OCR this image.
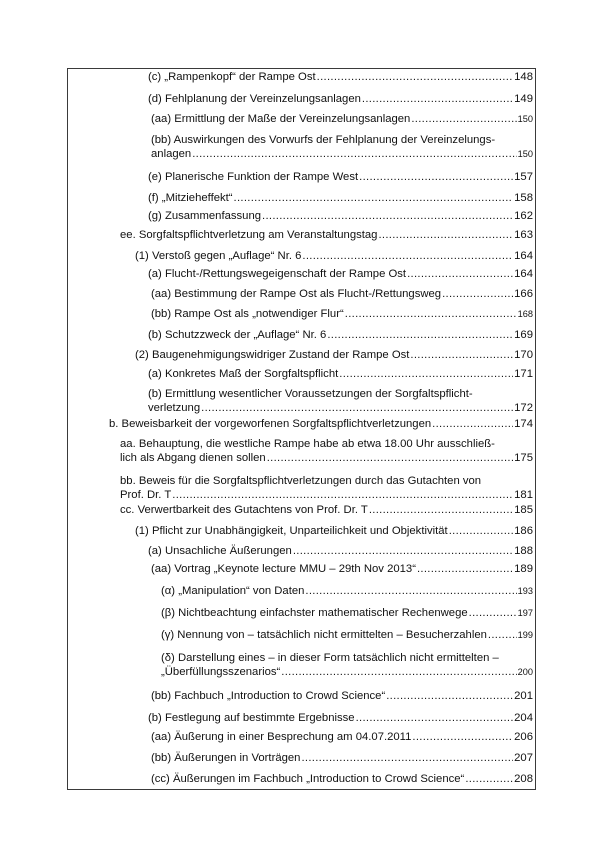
(c) „Rampenkopf“ der Rampe Ost .....	148
(d) Fehlplanung der Vereinzelungsanlagen .....	149
(aa) Ermittlung der Maße der Vereinzelungsanlagen .....	150
(bb) Auswirkungen des Vorwurfs der Fehlplanung der Vereinzelungs-
anlagen .....	150
(e) Planerische Funktion der Rampe West .....	157
(f) „Mitzieheffekt“ .....	158
(g) Zusammenfassung .....	162
ee. Sorgfaltspflichtverletzung am Veranstaltungstag .....	163
(1) Verstoß gegen „Auflage“ Nr. 6 .....	164
(a) Flucht-/Rettungswegeigenschaft der Rampe Ost .....	164
(aa) Bestimmung der Rampe Ost als Flucht-/Rettungsweg .....	166
(bb) Rampe Ost als „notwendiger Flur“ .....	168
(b) Schutzzweck der „Auflage“ Nr. 6 .....	169
(2) Baugenehmigungswidriger Zustand der Rampe Ost .....	170
(a) Konkretes Maß der Sorgfaltspflicht .....	171
(b) Ermittlung wesentlicher Voraussetzungen der Sorgfaltspflicht-
verletzung .....	172
b. Beweisbarkeit der vorgeworfenen Sorgfaltspflichtverletzungen .....	174
aa. Behauptung, die westliche Rampe habe ab etwa 18.00 Uhr ausschließ-
lich als Abgang dienen sollen .....	175
bb. Beweis für die Sorgfaltspflichtverletzungen durch das Gutachten von
Prof. Dr. T .....	181
cc. Verwertbarkeit des Gutachtens von Prof. Dr. T .....	185
(1) Pflicht zur Unabhängigkeit, Unparteilichkeit und Objektivität .....	186
(a) Unsachliche Äußerungen .....	188
(aa) Vortrag „Keynote lecture MMU – 29th Nov 2013“ .....	189
(α) „Manipulation“ von Daten .....	193
(β) Nichtbeachtung einfachster mathematischer Rechenwege .....	197
(γ) Nennung von – tatsächlich nicht ermittelten – Besucherzahlen .....	199
(δ) Darstellung eines – in dieser Form tatsächlich nicht ermittelten –
„Überfüllungsszenarios“ .....	200
(bb) Fachbuch „Introduction to Crowd Science“ .....	201
(b) Festlegung auf bestimmte Ergebnisse .....	204
(aa) Äußerung in einer Besprechung am 04.07.2011 .....	206
(bb) Äußerungen in Vorträgen .....	207
(cc) Äußerungen im Fachbuch „Introduction to Crowd Science“ .....	208
